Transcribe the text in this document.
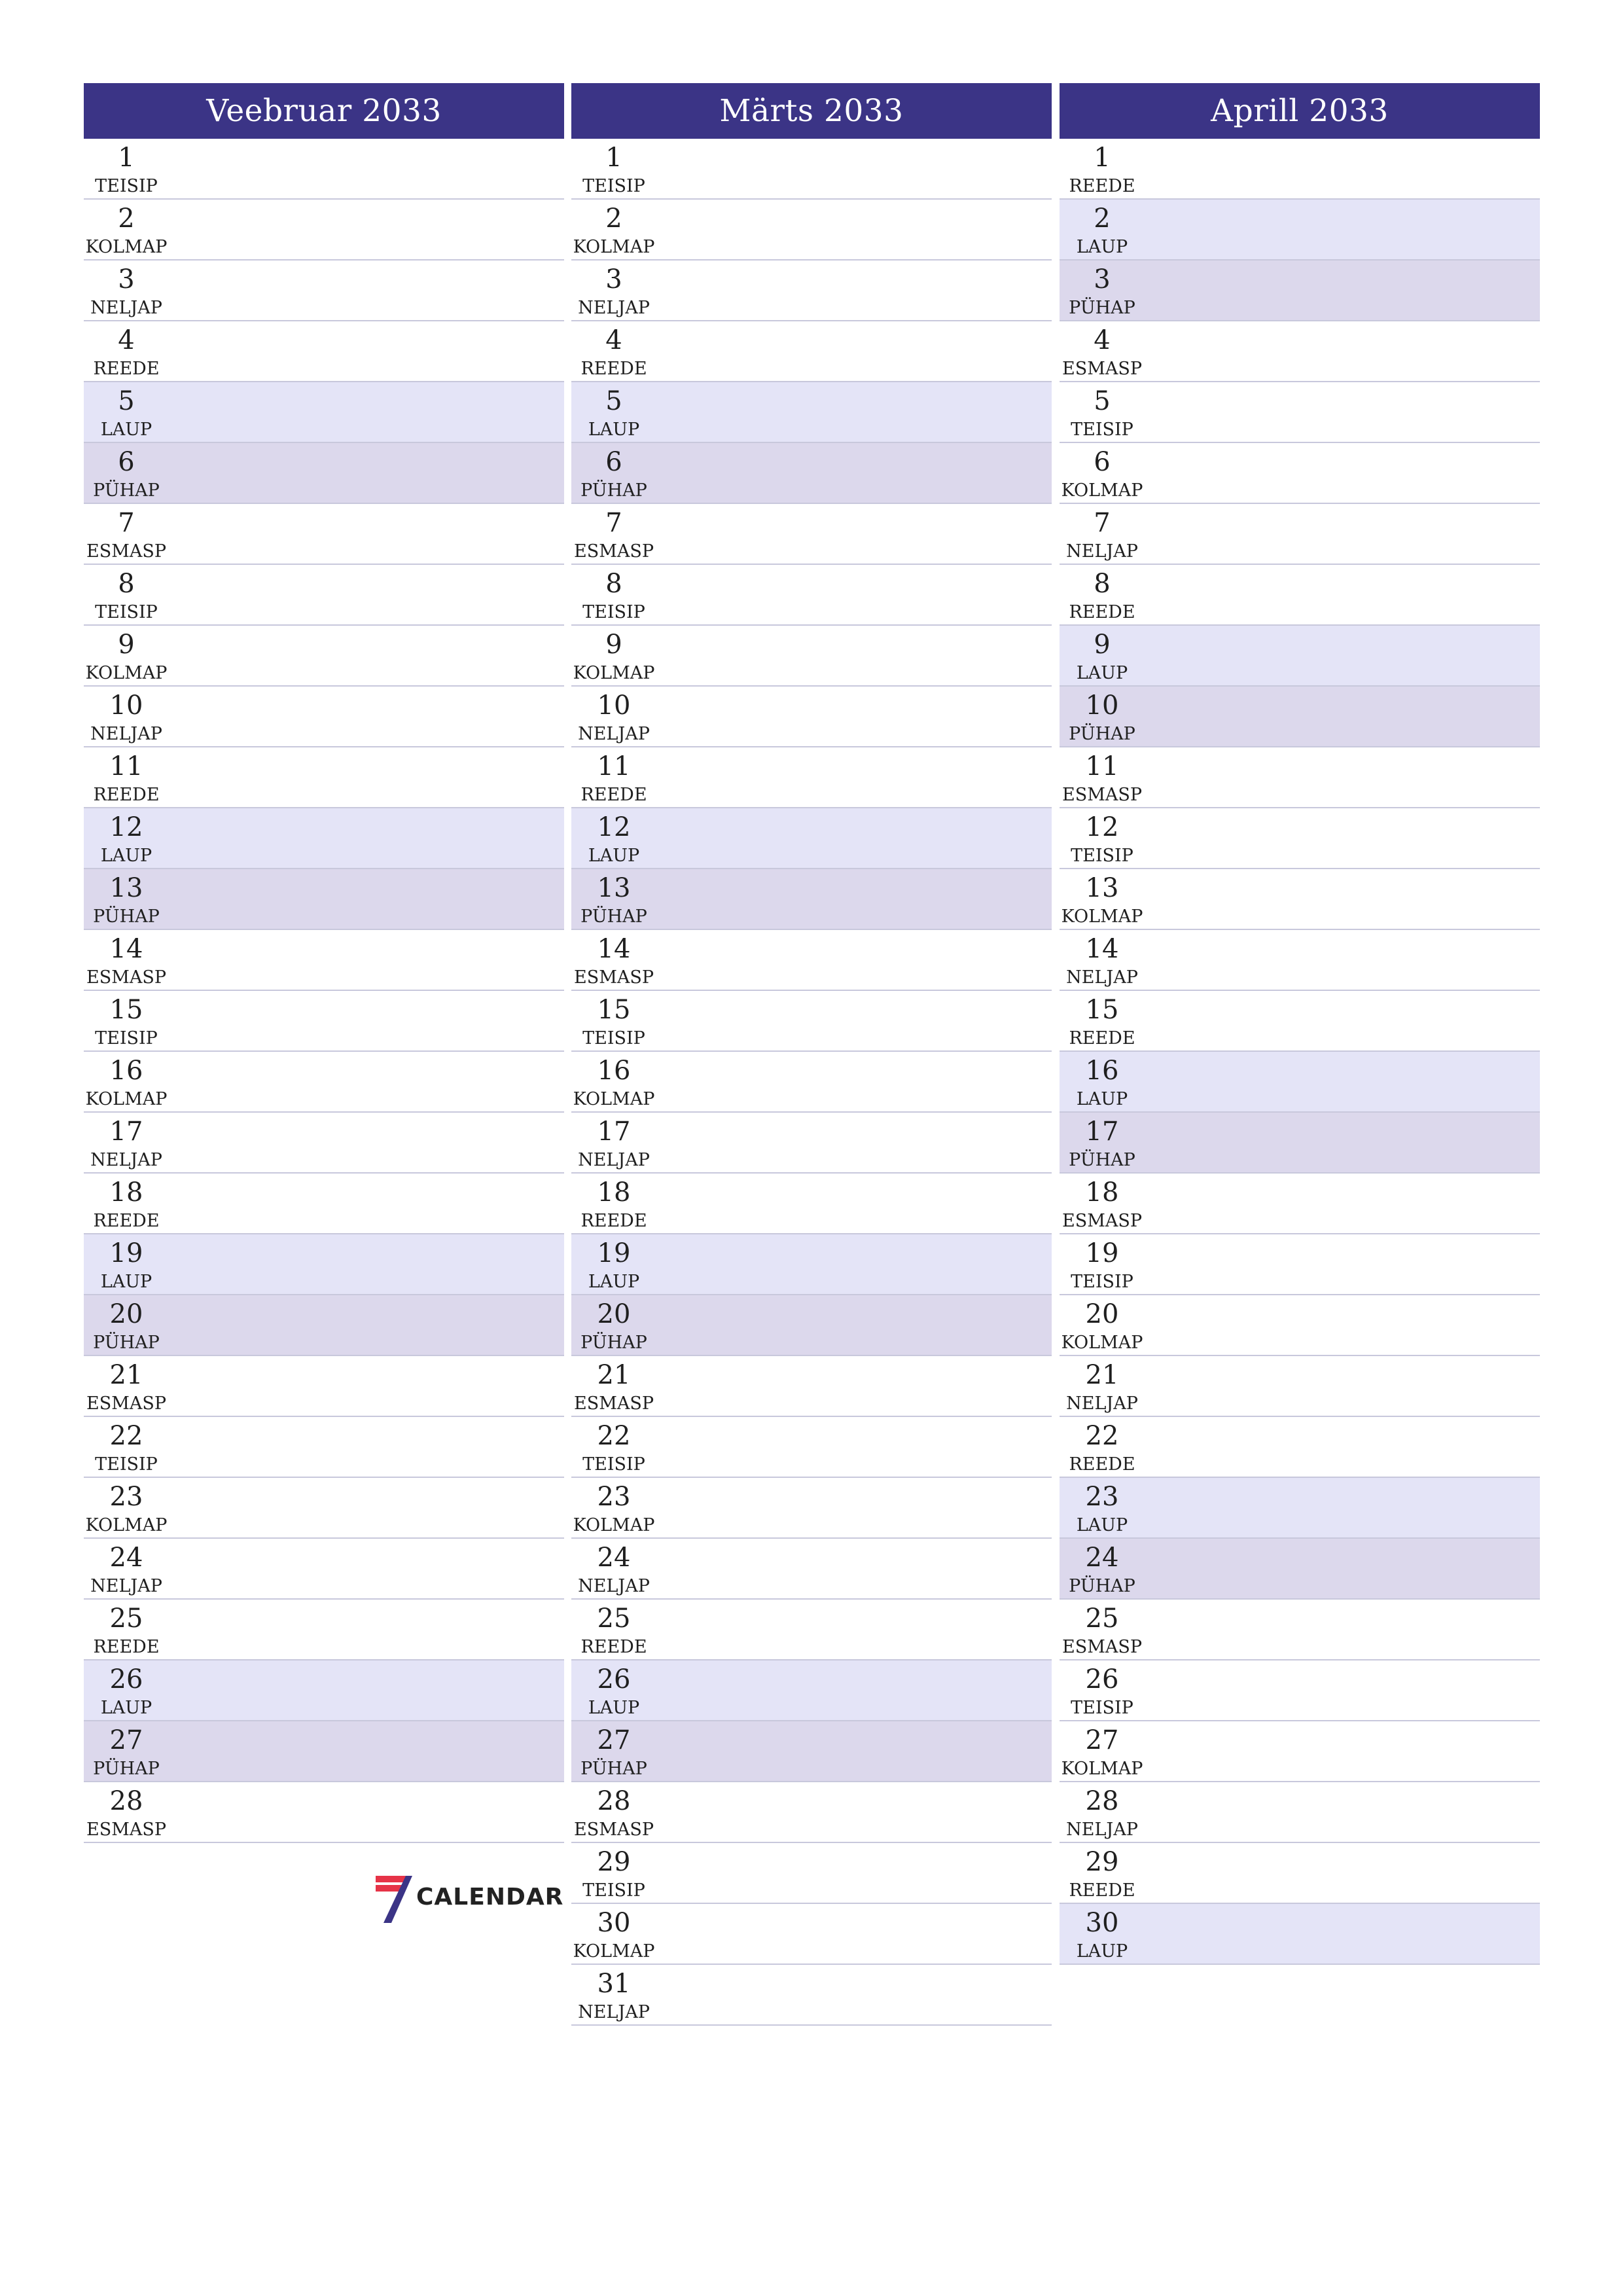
Veebruar 2033
1
TEISIP
2
KOLMAP
3
NELJAP
4
REEDE
5
LAUP
6
PÜHAP
7
ESMASP
8
TEISIP
9
KOLMAP
10
NELJAP
11
REEDE
12
LAUP
13
PÜHAP
14
ESMASP
15
TEISIP
16
KOLMAP
17
NELJAP
18
REEDE
19
LAUP
20
PÜHAP
21
ESMASP
22
TEISIP
23
KOLMAP
24
NELJAP
25
REEDE
26
LAUP
27
PÜHAP
28
ESMASP
Märts 2033
1
TEISIP
2
KOLMAP
3
NELJAP
4
REEDE
5
LAUP
6
PÜHAP
7
ESMASP
8
TEISIP
9
KOLMAP
10
NELJAP
11
REEDE
12
LAUP
13
PÜHAP
14
ESMASP
15
TEISIP
16
KOLMAP
17
NELJAP
18
REEDE
19
LAUP
20
PÜHAP
21
ESMASP
22
TEISIP
23
KOLMAP
24
NELJAP
25
REEDE
26
LAUP
27
PÜHAP
28
ESMASP
29
TEISIP
30
KOLMAP
31
NELJAP
Aprill 2033
1
REEDE
2
LAUP
3
PÜHAP
4
ESMASP
5
TEISIP
6
KOLMAP
7
NELJAP
8
REEDE
9
LAUP
10
PÜHAP
11
ESMASP
12
TEISIP
13
KOLMAP
14
NELJAP
15
REEDE
16
LAUP
17
PÜHAP
18
ESMASP
19
TEISIP
20
KOLMAP
21
NELJAP
22
REEDE
23
LAUP
24
PÜHAP
25
ESMASP
26
TEISIP
27
KOLMAP
28
NELJAP
29
REEDE
30
LAUP
CALENDAR
